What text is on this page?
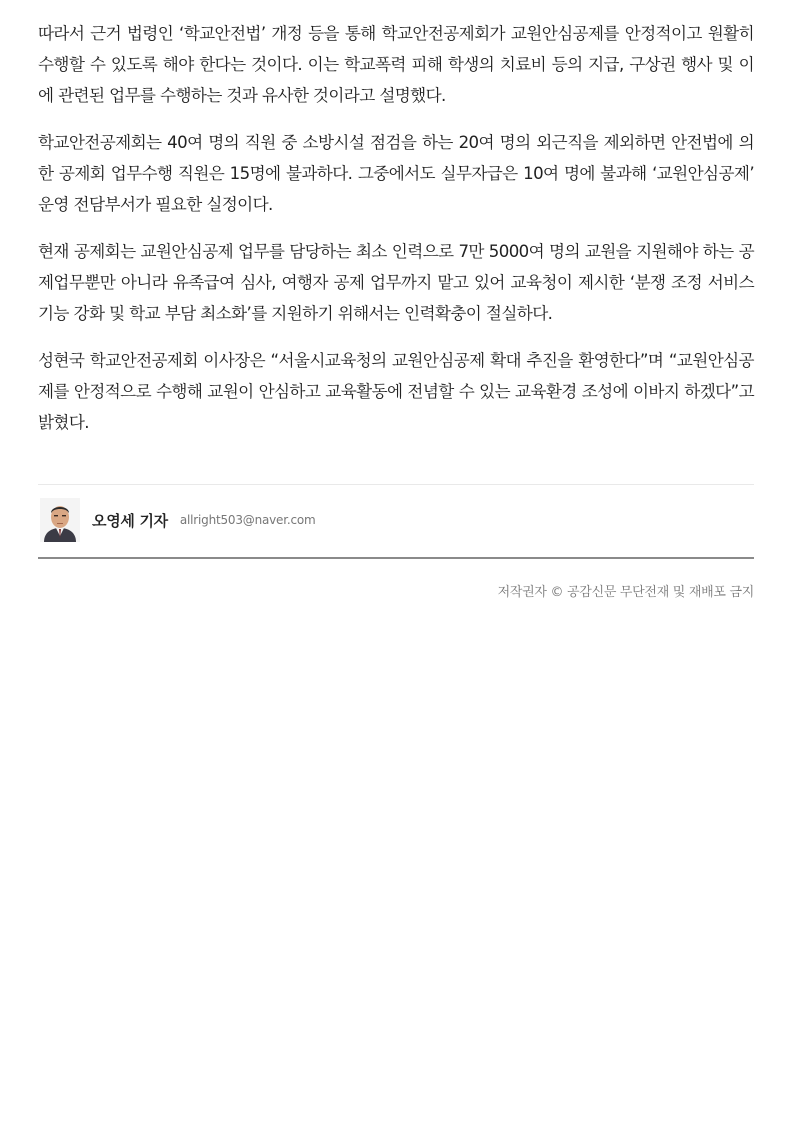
따라서 근거 법령인 ‘학교안전법’ 개정 등을 통해 학교안전공제회가 교원안심공제를 안정적이고 원활히 수행할 수 있도록 해야 한다는 것이다. 이는 학교폭력 피해 학생의 치료비 등의 지급, 구상권 행사 및 이에 관련된 업무를 수행하는 것과 유사한 것이라고 설명했다.

학교안전공제회는 40여 명의 직원 중 소방시설 점검을 하는 20여 명의 외근직을 제외하면 안전법에 의한 공제회 업무수행 직원은 15명에 불과하다. 그중에서도 실무자급은 10여 명에 불과해 ‘교원안심공제’ 운영 전담부서가 필요한 실정이다.

현재 공제회는 교원안심공제 업무를 담당하는 최소 인력으로 7만 5000여 명의 교원을 지원해야 하는 공제업무뿐만 아니라 유족급여 심사, 여행자 공제 업무까지 맡고 있어 교육청이 제시한 ‘분쟁 조정 서비스 기능 강화 및 학교 부담 최소화’를 지원하기 위해서는 인력확충이 절실하다.

성현국 학교안전공제회 이사장은 “서울시교육청의 교원안심공제 확대 추진을 환영한다”며 “교원안심공제를 안정적으로 수행해 교원이 안심하고 교육활동에 전념할 수 있는 교육환경 조성에 이바지 하겠다”고 밝혔다.

오영세 기자 allright503@naver.com
저작권자 © 공감신문 무단전재 및 재배포 금지
